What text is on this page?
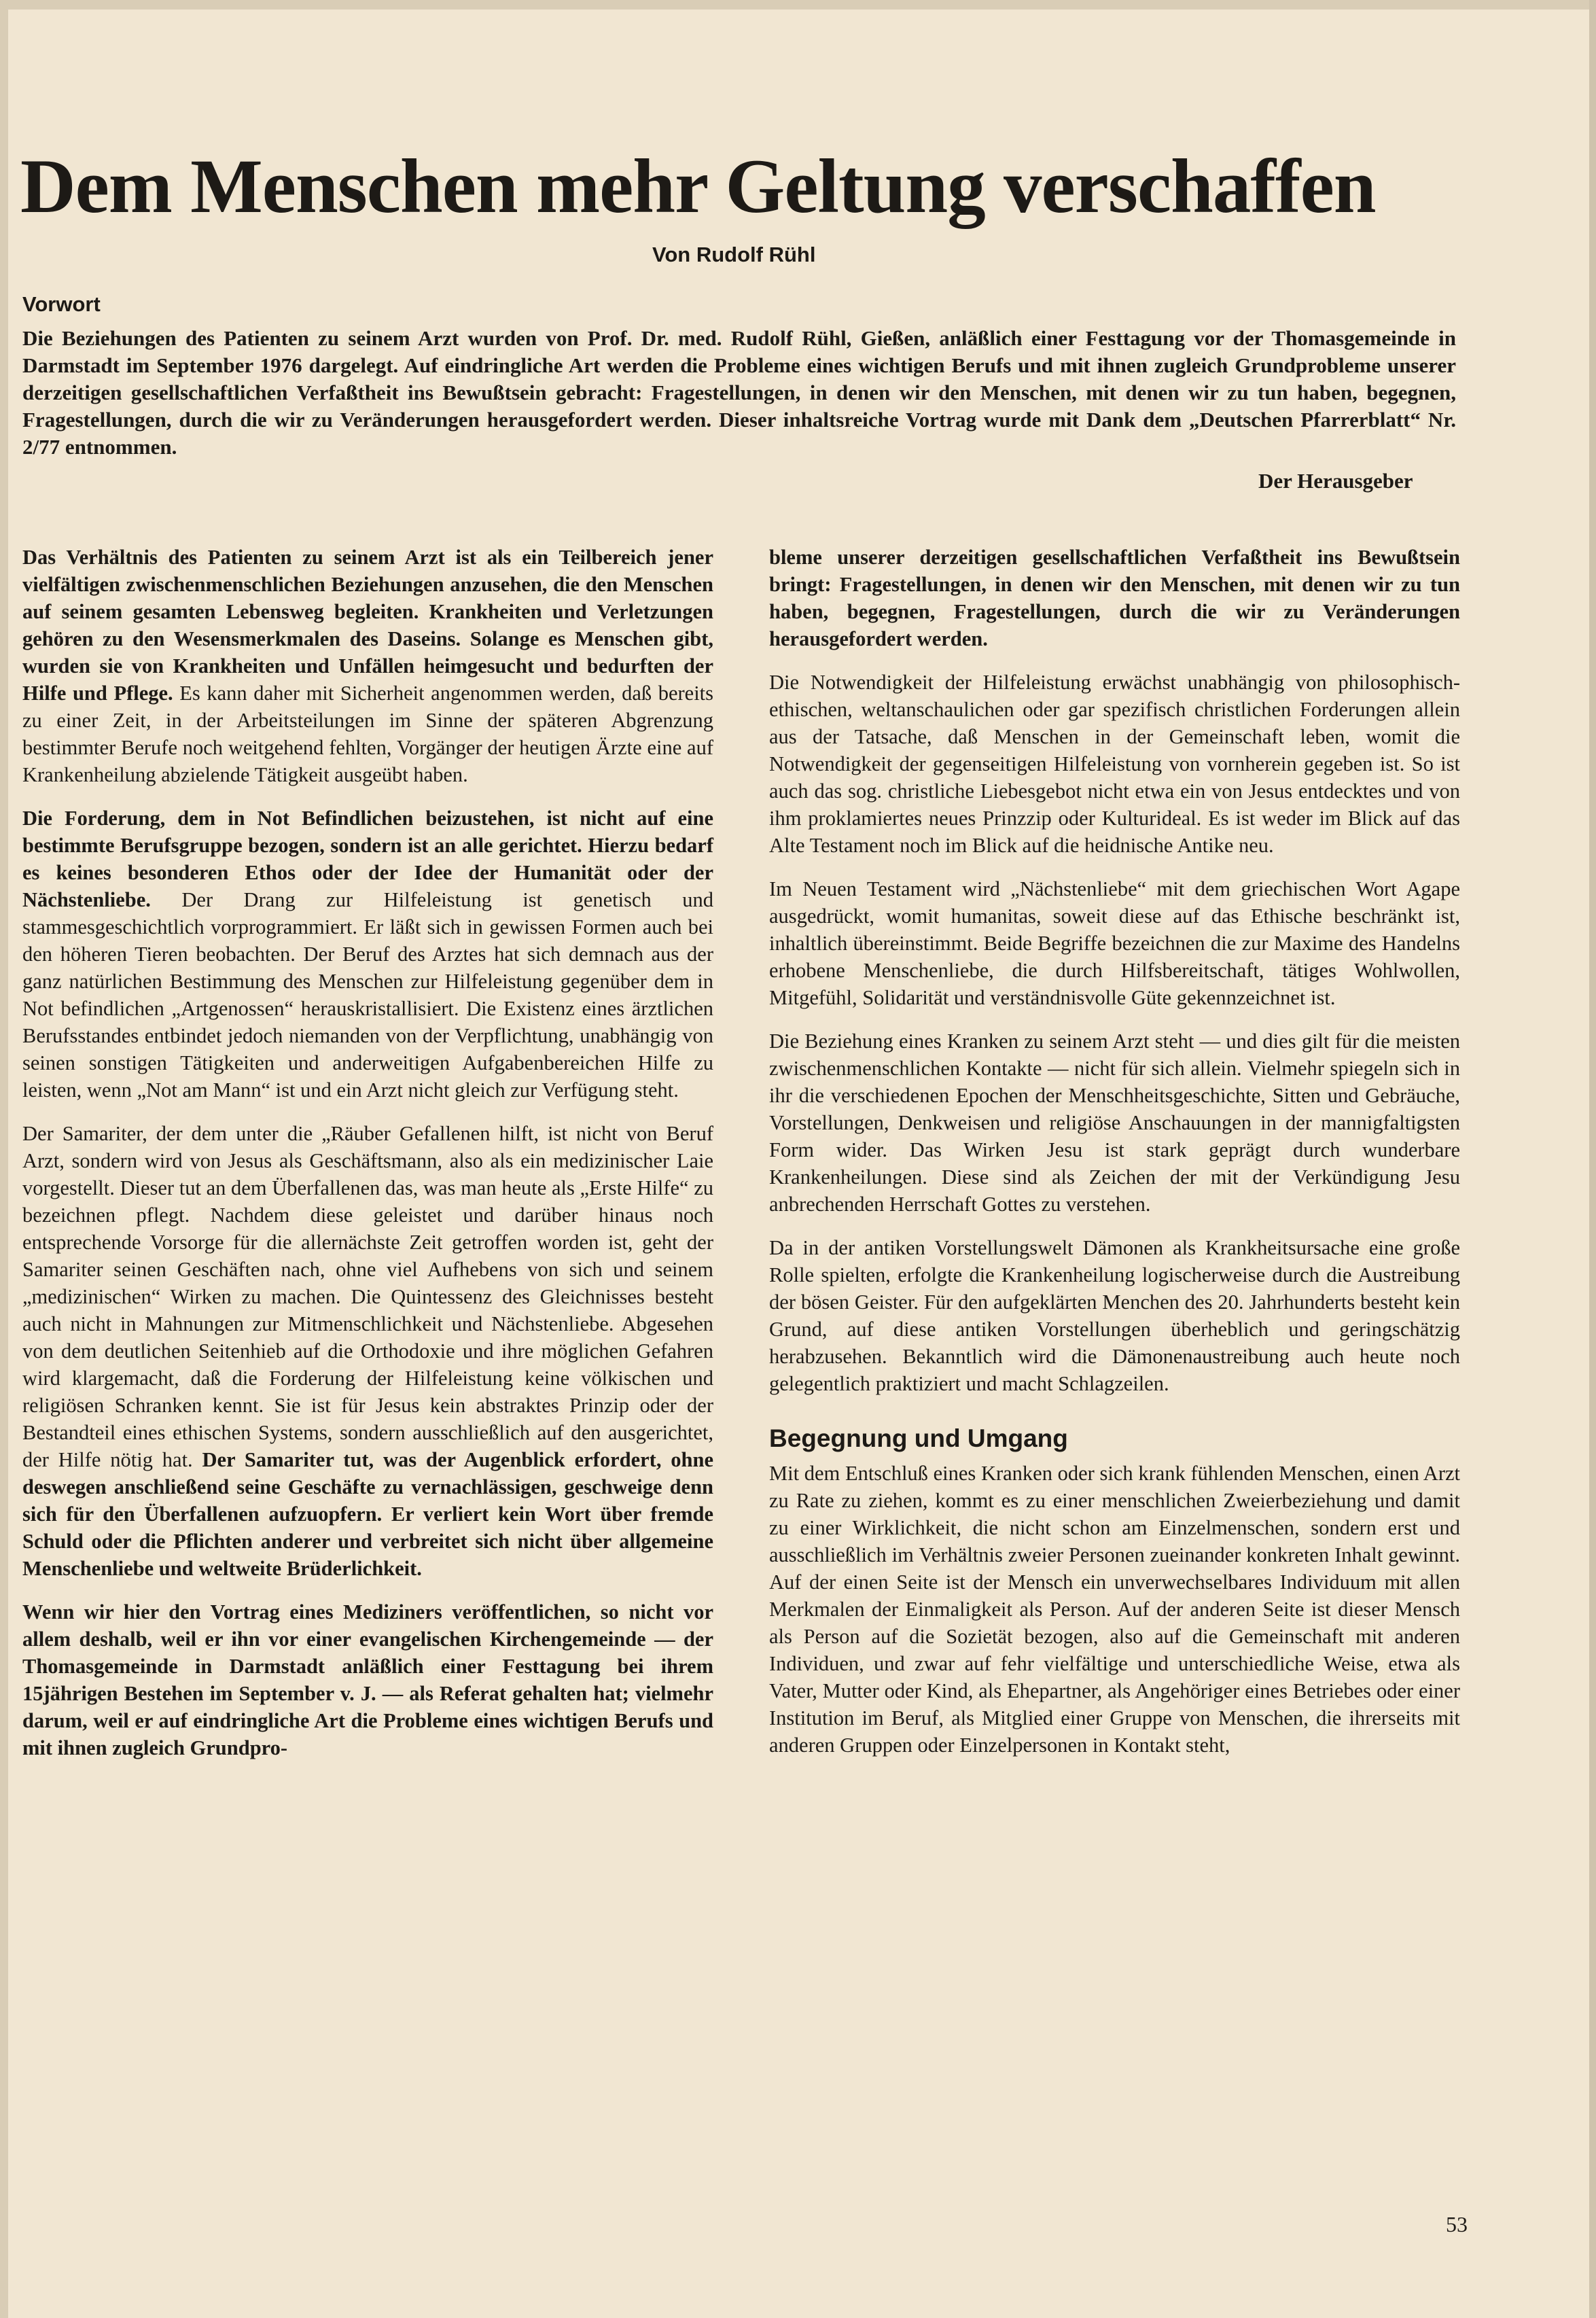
Dem Menschen mehr Geltung verschaffen
Von Rudolf Rühl
Vorwort

Die Beziehungen des Patienten zu seinem Arzt wurden von Prof. Dr. med. Rudolf Rühl, Gießen, anläßlich einer Festtagung vor der Thomasgemeinde in Darmstadt im September 1976 dargelegt. Auf eindringliche Art werden die Probleme eines wichtigen Berufs und mit ihnen zugleich Grundprobleme unserer derzeitigen gesellschaftlichen Verfaßtheit ins Bewußtsein gebracht: Fragestellungen, in denen wir den Menschen, mit denen wir zu tun haben, begegnen, Fragestellungen, durch die wir zu Veränderungen herausgefordert werden. Dieser inhaltsreiche Vortrag wurde mit Dank dem „Deutschen Pfarrerblatt“ Nr. 2/77 entnommen.

Der Herausgeber

Das Verhältnis des Patienten zu seinem Arzt ist als ein Teilbereich jener vielfältigen zwischenmenschlichen Beziehungen anzusehen, die den Menschen auf seinem gesamten Lebensweg begleiten. Krankheiten und Verletzungen gehören zu den Wesensmerkmalen des Daseins. Solange es Menschen gibt, wurden sie von Krankheiten und Unfällen heimgesucht und bedurften der Hilfe und Pflege. Es kann daher mit Sicherheit angenommen werden, daß bereits zu einer Zeit, in der Arbeitsteilungen im Sinne der späteren Abgrenzung bestimmter Berufe noch weitgehend fehlten, Vorgänger der heutigen Ärzte eine auf Krankenheilung abzielende Tätigkeit ausgeübt haben.

Die Forderung, dem in Not Befindlichen beizustehen, ist nicht auf eine bestimmte Berufsgruppe bezogen, sondern ist an alle gerichtet. Hierzu bedarf es keines besonderen Ethos oder der Idee der Humanität oder der Nächstenliebe. Der Drang zur Hilfeleistung ist genetisch und stammesgeschichtlich vorprogrammiert. Er läßt sich in gewissen Formen auch bei den höheren Tieren beobachten. Der Beruf des Arztes hat sich demnach aus der ganz natürlichen Bestimmung des Menschen zur Hilfeleistung gegenüber dem in Not befindlichen „Artgenossen“ herauskristallisiert. Die Existenz eines ärztlichen Berufsstandes entbindet jedoch niemanden von der Verpflichtung, unabhängig von seinen sonstigen Tätigkeiten und anderweitigen Aufgabenbereichen Hilfe zu leisten, wenn „Not am Mann“ ist und ein Arzt nicht gleich zur Verfügung steht.

Der Samariter, der dem unter die „Räuber Gefallenen hilft, ist nicht von Beruf Arzt, sondern wird von Jesus als Geschäftsmann, also als ein medizinischer Laie vorgestellt. Dieser tut an dem Überfallenen das, was man heute als „Erste Hilfe“ zu bezeichnen pflegt. Nachdem diese geleistet und darüber hinaus noch entsprechende Vorsorge für die allernächste Zeit getroffen worden ist, geht der Samariter seinen Geschäften nach, ohne viel Aufhebens von sich und seinem „medizinischen“ Wirken zu machen. Die Quintessenz des Gleichnisses besteht auch nicht in Mahnungen zur Mitmenschlichkeit und Nächstenliebe. Abgesehen von dem deutlichen Seitenhieb auf die Orthodoxie und ihre möglichen Gefahren wird klargemacht, daß die Forderung der Hilfeleistung keine völkischen und religiösen Schranken kennt. Sie ist für Jesus kein abstraktes Prinzip oder der Bestandteil eines ethischen Systems, sondern ausschließlich auf den ausgerichtet, der Hilfe nötig hat. Der Samariter tut, was der Augenblick erfordert, ohne deswegen anschließend seine Geschäfte zu vernachlässigen, geschweige denn sich für den Überfallenen aufzuopfern. Er verliert kein Wort über fremde Schuld oder die Pflichten anderer und verbreitet sich nicht über allgemeine Menschenliebe und weltweite Brüderlichkeit.

Wenn wir hier den Vortrag eines Mediziners veröffentlichen, so nicht vor allem deshalb, weil er ihn vor einer evangelischen Kirchengemeinde — der Thomasgemeinde in Darmstadt anläßlich einer Festtagung bei ihrem 15jährigen Bestehen im September v. J. — als Referat gehalten hat; vielmehr darum, weil er auf eindringliche Art die Probleme eines wichtigen Berufs und mit ihnen zugleich Grundpro-

bleme unserer derzeitigen gesellschaftlichen Verfaßtheit ins Bewußtsein bringt: Fragestellungen, in denen wir den Menschen, mit denen wir zu tun haben, begegnen, Fragestellungen, durch die wir zu Veränderungen herausgefordert werden.

Die Notwendigkeit der Hilfeleistung erwächst unabhängig von philosophisch-ethischen, weltanschaulichen oder gar spezifisch christlichen Forderungen allein aus der Tatsache, daß Menschen in der Gemeinschaft leben, womit die Notwendigkeit der gegenseitigen Hilfeleistung von vornherein gegeben ist. So ist auch das sog. christliche Liebesgebot nicht etwa ein von Jesus entdecktes und von ihm proklamiertes neues Prinzzip oder Kulturideal. Es ist weder im Blick auf das Alte Testament noch im Blick auf die heidnische Antike neu.

Im Neuen Testament wird „Nächstenliebe“ mit dem griechischen Wort Agape ausgedrückt, womit humanitas, soweit diese auf das Ethische beschränkt ist, inhaltlich übereinstimmt. Beide Begriffe bezeichnen die zur Maxime des Handelns erhobene Menschenliebe, die durch Hilfsbereitschaft, tätiges Wohlwollen, Mitgefühl, Solidarität und verständnisvolle Güte gekennzeichnet ist.

Die Beziehung eines Kranken zu seinem Arzt steht — und dies gilt für die meisten zwischenmenschlichen Kontakte — nicht für sich allein. Vielmehr spiegeln sich in ihr die verschiedenen Epochen der Menschheitsgeschichte, Sitten und Gebräuche, Vorstellungen, Denkweisen und religiöse Anschauungen in der mannigfaltigsten Form wider. Das Wirken Jesu ist stark geprägt durch wunderbare Krankenheilungen. Diese sind als Zeichen der mit der Verkündigung Jesu anbrechenden Herrschaft Gottes zu verstehen.

Da in der antiken Vorstellungswelt Dämonen als Krankheitsursache eine große Rolle spielten, erfolgte die Krankenheilung logischerweise durch die Austreibung der bösen Geister. Für den aufgeklärten Menchen des 20. Jahrhunderts besteht kein Grund, auf diese antiken Vorstellungen überheblich und geringschätzig herabzusehen. Bekanntlich wird die Dämonenaustreibung auch heute noch gelegentlich praktiziert und macht Schlagzeilen.

Begegnung und Umgang

Mit dem Entschluß eines Kranken oder sich krank fühlenden Menschen, einen Arzt zu Rate zu ziehen, kommt es zu einer menschlichen Zweierbeziehung und damit zu einer Wirklichkeit, die nicht schon am Einzelmenschen, sondern erst und ausschließlich im Verhältnis zweier Personen zueinander konkreten Inhalt gewinnt. Auf der einen Seite ist der Mensch ein unverwechselbares Individuum mit allen Merkmalen der Einmaligkeit als Person. Auf der anderen Seite ist dieser Mensch als Person auf die Sozietät bezogen, also auf die Gemeinschaft mit anderen Individuen, und zwar auf fehr vielfältige und unterschiedliche Weise, etwa als Vater, Mutter oder Kind, als Ehepartner, als Angehöriger eines Betriebes oder einer Institution im Beruf, als Mitglied einer Gruppe von Menschen, die ihrerseits mit anderen Gruppen oder Einzelpersonen in Kontakt steht,

53
